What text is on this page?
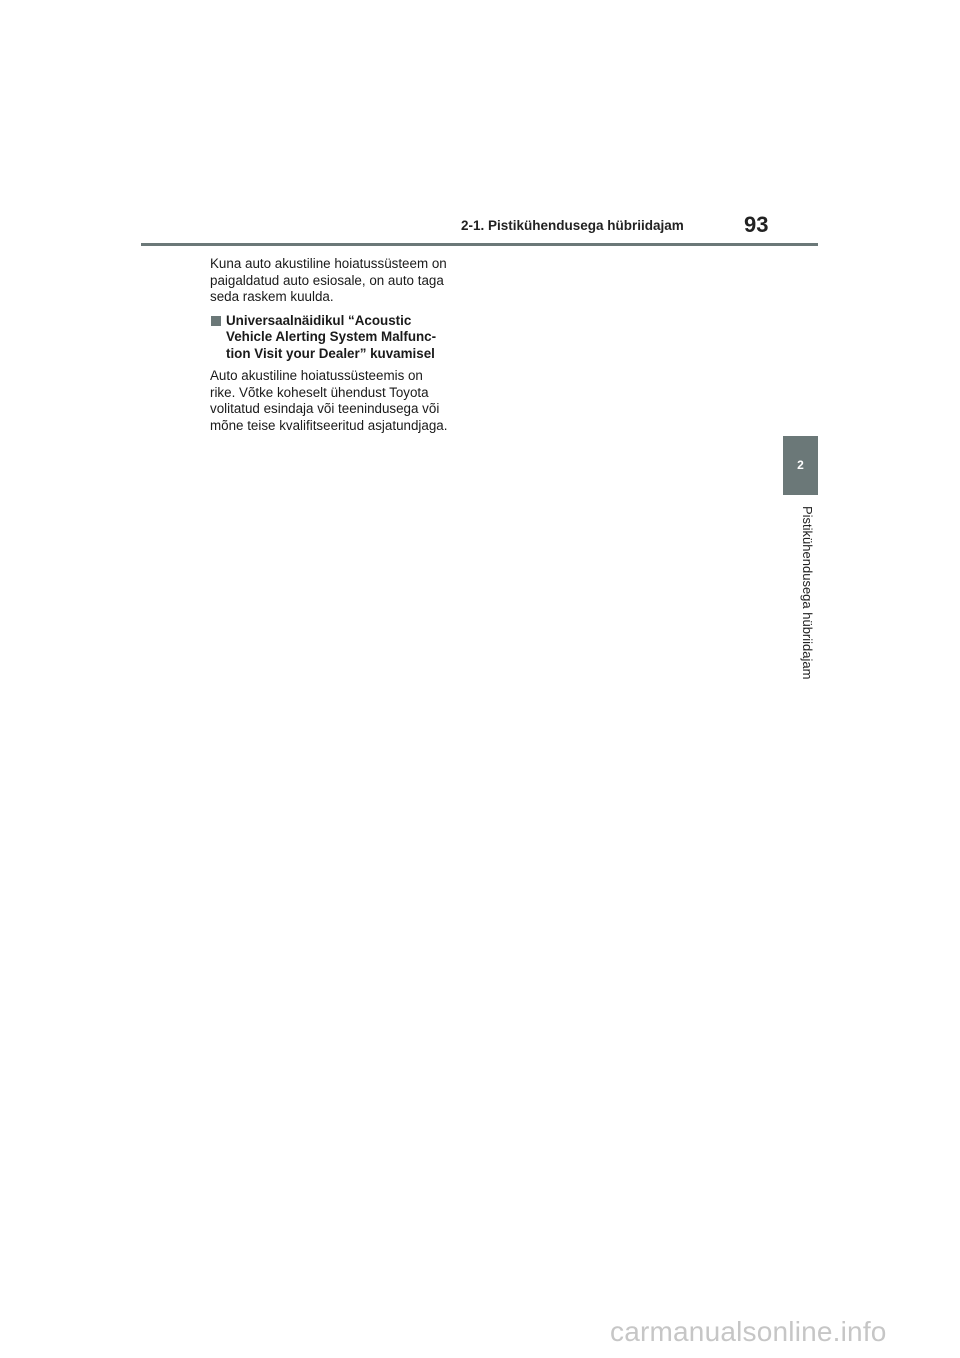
2-1. Pistikühendusega hübriidajam	93

Kuna auto akustiline hoiatussüsteem on
paigaldatud auto esiosale, on auto taga
seda raskem kuulda.

Universaalnäidikul “Acoustic
Vehicle Alerting System Malfunc-
tion Visit your Dealer” kuvamisel

Auto akustiline hoiatussüsteemis on
rike. Võtke koheselt ühendust Toyota
volitatud esindaja või teenindusega või
mõne teise kvalifitseeritud asjatundjaga.

2
Pistikühendusega hübriidajam
carmanualsonline.info
